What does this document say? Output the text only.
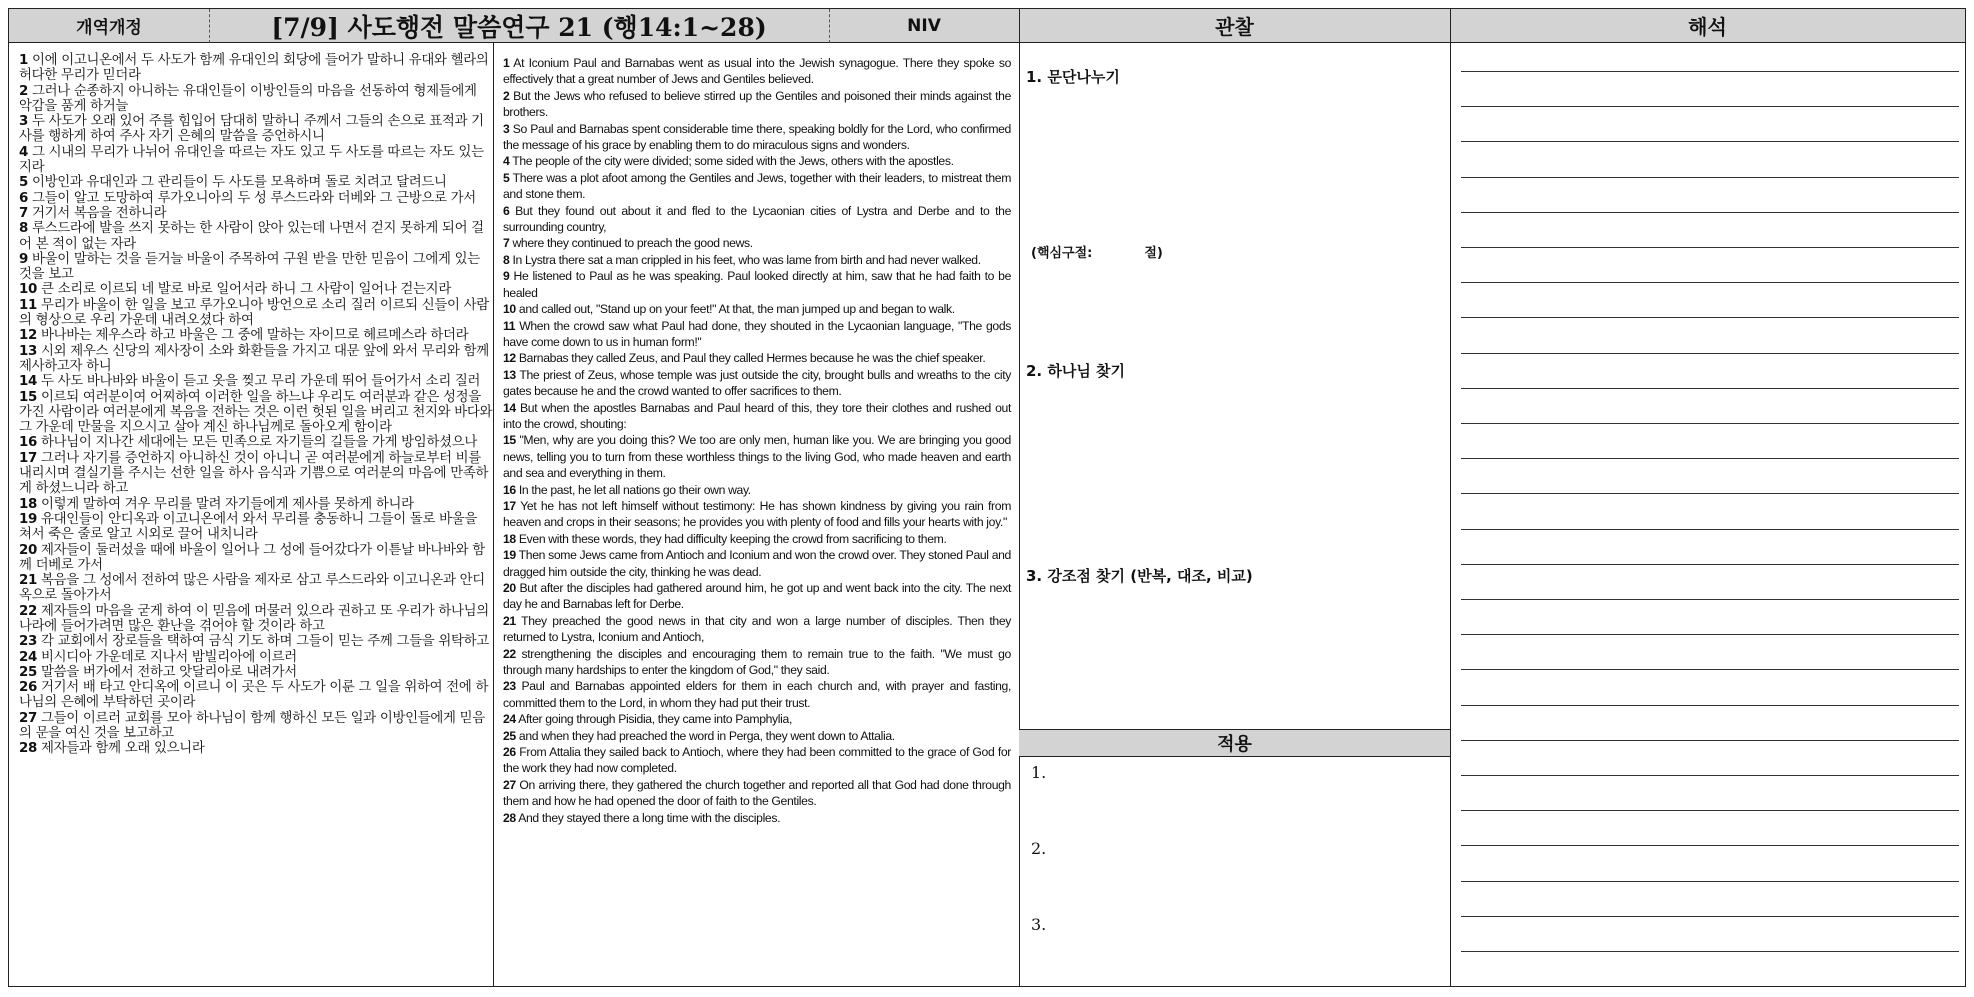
개역개정	[7/9] 사도행전 말씀연구 21 (행14:1~28)	NIV	관찰	해석

1 이에 이고니온에서 두 사도가 함께 유대인의 회당에 들어가 말하니 유대와 헬라의 허다한 무리가 믿더라

2 그러나 순종하지 아니하는 유대인들이 이방인들의 마음을 선동하여 형제들에게 악감을 품게 하거늘

3 두 사도가 오래 있어 주를 힘입어 담대히 말하니 주께서 그들의 손으로 표적과 기사를 행하게 하여 주사 자기 은혜의 말씀을 증언하시니

4 그 시내의 무리가 나뉘어 유대인을 따르는 자도 있고 두 사도를 따르는 자도 있는지라

5 이방인과 유대인과 그 관리들이 두 사도를 모욕하며 돌로 치려고 달려드니

6 그들이 알고 도망하여 루가오니아의 두 성 루스드라와 더베와 그 근방으로 가서

7 거기서 복음을 전하니라

8 루스드라에 발을 쓰지 못하는 한 사람이 앉아 있는데 나면서 걷지 못하게 되어 걸어 본 적이 없는 자라

9 바울이 말하는 것을 듣거늘 바울이 주목하여 구원 받을 만한 믿음이 그에게 있는 것을 보고

10 큰 소리로 이르되 네 발로 바로 일어서라 하니 그 사람이 일어나 걷는지라

11 무리가 바울이 한 일을 보고 루가오니아 방언으로 소리 질러 이르되 신들이 사람의 형상으로 우리 가운데 내려오셨다 하여

12 바나바는 제우스라 하고 바울은 그 중에 말하는 자이므로 헤르메스라 하더라

13 시외 제우스 신당의 제사장이 소와 화환들을 가지고 대문 앞에 와서 무리와 함께 제사하고자 하니

14 두 사도 바나바와 바울이 듣고 옷을 찢고 무리 가운데 뛰어 들어가서 소리 질러

15 이르되 여러분이여 어찌하여 이러한 일을 하느냐 우리도 여러분과 같은 성정을 가진 사람이라 여러분에게 복음을 전하는 것은 이런 헛된 일을 버리고 천지와 바다와 그 가운데 만물을 지으시고 살아 계신 하나님께로 돌아오게 함이라

16 하나님이 지나간 세대에는 모든 민족으로 자기들의 길들을 가게 방임하셨으나

17 그러나 자기를 증언하지 아니하신 것이 아니니 곧 여러분에게 하늘로부터 비를 내리시며 결실기를 주시는 선한 일을 하사 음식과 기쁨으로 여러분의 마음에 만족하게 하셨느니라 하고

18 이렇게 말하여 겨우 무리를 말려 자기들에게 제사를 못하게 하니라

19 유대인들이 안디옥과 이고니온에서 와서 무리를 충동하니 그들이 돌로 바울을 쳐서 죽은 줄로 알고 시외로 끌어 내치니라

20 제자들이 둘러섰을 때에 바울이 일어나 그 성에 들어갔다가 이튿날 바나바와 함께 더베로 가서

21 복음을 그 성에서 전하여 많은 사람을 제자로 삼고 루스드라와 이고니온과 안디옥으로 돌아가서

22 제자들의 마음을 굳게 하여 이 믿음에 머물러 있으라 권하고 또 우리가 하나님의 나라에 들어가려면 많은 환난을 겪어야 할 것이라 하고

23 각 교회에서 장로들을 택하여 금식 기도 하며 그들이 믿는 주께 그들을 위탁하고

24 비시디아 가운데로 지나서 밤빌리아에 이르러

25 말씀을 버가에서 전하고 앗달리아로 내려가서

26 거기서 배 타고 안디옥에 이르니 이 곳은 두 사도가 이룬 그 일을 위하여 전에 하나님의 은혜에 부탁하던 곳이라

27 그들이 이르러 교회를 모아 하나님이 함께 행하신 모든 일과 이방인들에게 믿음의 문을 여신 것을 보고하고

28 제자들과 함께 오래 있으니라

1 At Iconium Paul and Barnabas went as usual into the Jewish synagogue. There they spoke so effectively that a great number of Jews and Gentiles believed.

2 But the Jews who refused to believe stirred up the Gentiles and poisoned their minds against the brothers.

3 So Paul and Barnabas spent considerable time there, speaking boldly for the Lord, who confirmed the message of his grace by enabling them to do miraculous signs and wonders.

4 The people of the city were divided; some sided with the Jews, others with the apostles.

5 There was a plot afoot among the Gentiles and Jews, together with their leaders, to mistreat them and stone them.

6 But they found out about it and fled to the Lycaonian cities of Lystra and Derbe and to the surrounding country,

7 where they continued to preach the good news.

8 In Lystra there sat a man crippled in his feet, who was lame from birth and had never walked.

9 He listened to Paul as he was speaking. Paul looked directly at him, saw that he had faith to be healed

10 and called out, "Stand up on your feet!" At that, the man jumped up and began to walk.

11 When the crowd saw what Paul had done, they shouted in the Lycaonian language, "The gods have come down to us in human form!"

12 Barnabas they called Zeus, and Paul they called Hermes because he was the chief speaker.

13 The priest of Zeus, whose temple was just outside the city, brought bulls and wreaths to the city gates because he and the crowd wanted to offer sacrifices to them.

14 But when the apostles Barnabas and Paul heard of this, they tore their clothes and rushed out into the crowd, shouting:

15 "Men, why are you doing this? We too are only men, human like you. We are bringing you good news, telling you to turn from these worthless things to the living God, who made heaven and earth and sea and everything in them.

16 In the past, he let all nations go their own way.

17 Yet he has not left himself without testimony: He has shown kindness by giving you rain from heaven and crops in their seasons; he provides you with plenty of food and fills your hearts with joy."

18 Even with these words, they had difficulty keeping the crowd from sacrificing to them.

19 Then some Jews came from Antioch and Iconium and won the crowd over. They stoned Paul and dragged him outside the city, thinking he was dead.

20 But after the disciples had gathered around him, he got up and went back into the city. The next day he and Barnabas left for Derbe.

21 They preached the good news in that city and won a large number of disciples. Then they returned to Lystra, Iconium and Antioch,

22 strengthening the disciples and encouraging them to remain true to the faith. "We must go through many hardships to enter the kingdom of God," they said.

23 Paul and Barnabas appointed elders for them in each church and, with prayer and fasting, committed them to the Lord, in whom they had put their trust.

24 After going through Pisidia, they came into Pamphylia,

25 and when they had preached the word in Perga, they went down to Attalia.

26 From Attalia they sailed back to Antioch, where they had been committed to the grace of God for the work they had now completed.

27 On arriving there, they gathered the church together and reported all that God had done through them and how he had opened the door of faith to the Gentiles.

28 And they stayed there a long time with the disciples.

1. 문단나누기
(핵심구절:	절)
2. 하나님 찾기
3. 강조점 찾기 (반복, 대조, 비교)
적용
1.
2.
3.
